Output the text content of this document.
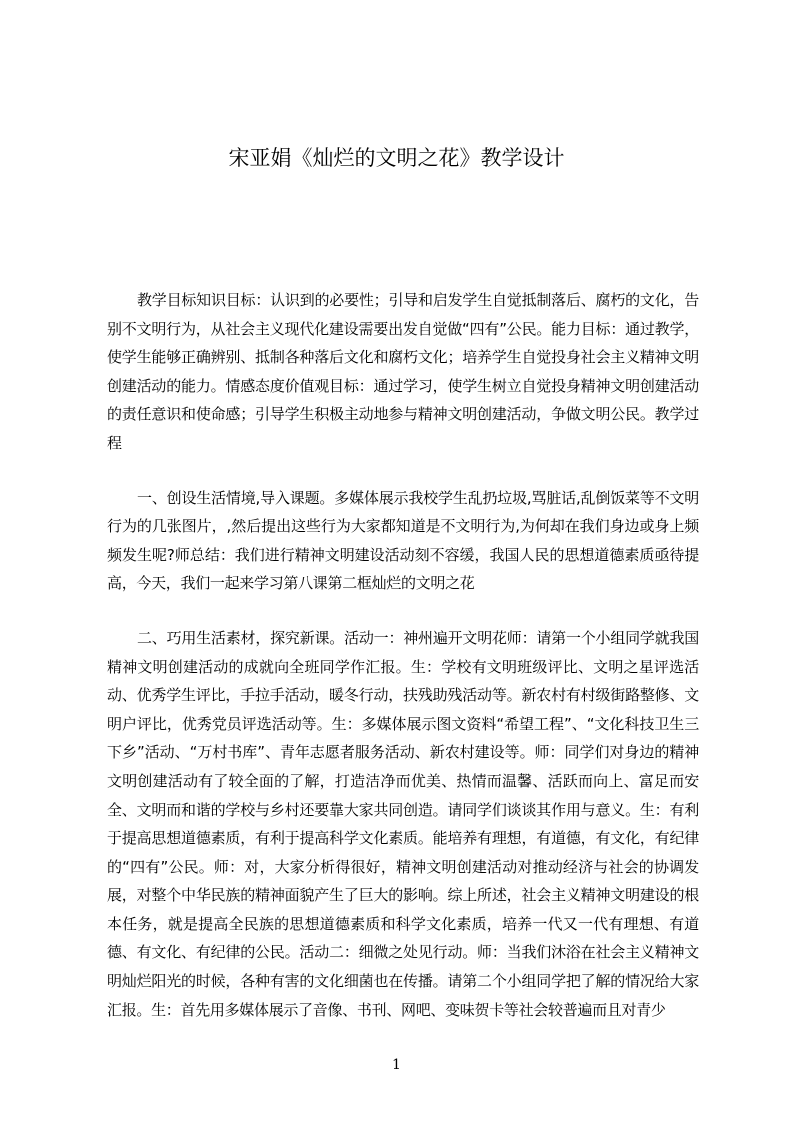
宋亚娟《灿烂的文明之花》教学设计

教学目标知识目标：认识到的必要性；引导和启发学生自觉抵制落后、腐朽的文化，告别不文明行为，从社会主义现代化建设需要出发自觉做“四有”公民。能力目标：通过教学，使学生能够正确辨别、抵制各种落后文化和腐朽文化；培养学生自觉投身社会主义精神文明创建活动的能力。情感态度价值观目标：通过学习，使学生树立自觉投身精神文明创建活动的责任意识和使命感；引导学生积极主动地参与精神文明创建活动，争做文明公民。教学过程

一、创设生活情境,导入课题。多媒体展示我校学生乱扔垃圾,骂脏话,乱倒饭菜等不文明行为的几张图片，,然后提出这些行为大家都知道是不文明行为,为何却在我们身边或身上频频发生呢?师总结：我们进行精神文明建设活动刻不容缓，我国人民的思想道德素质亟待提高，今天，我们一起来学习第八课第二框灿烂的文明之花

二、巧用生活素材，探究新课。活动一：神州遍开文明花师：请第一个小组同学就我国精神文明创建活动的成就向全班同学作汇报。生：学校有文明班级评比、文明之星评选活动、优秀学生评比，手拉手活动，暖冬行动，扶残助残活动等。新农村有村级街路整修、文明户评比，优秀党员评选活动等。生：多媒体展示图文资料“希望工程”、“文化科技卫生三下乡”活动、“万村书库”、青年志愿者服务活动、新农村建设等。师：同学们对身边的精神文明创建活动有了较全面的了解，打造洁净而优美、热情而温馨、活跃而向上、富足而安全、文明而和谐的学校与乡村还要靠大家共同创造。请同学们谈谈其作用与意义。生：有利于提高思想道德素质，有利于提高科学文化素质。能培养有理想，有道德，有文化，有纪律的“四有”公民。师：对，大家分析得很好，精神文明创建活动对推动经济与社会的协调发展，对整个中华民族的精神面貌产生了巨大的影响。综上所述，社会主义精神文明建设的根本任务，就是提高全民族的思想道德素质和科学文化素质，培养一代又一代有理想、有道德、有文化、有纪律的公民。活动二：细微之处见行动。师：当我们沐浴在社会主义精神文明灿烂阳光的时候，各种有害的文化细菌也在传播。请第二个小组同学把了解的情况给大家汇报。生：首先用多媒体展示了音像、书刊、网吧、变味贺卡等社会较普遍而且对青少

1
